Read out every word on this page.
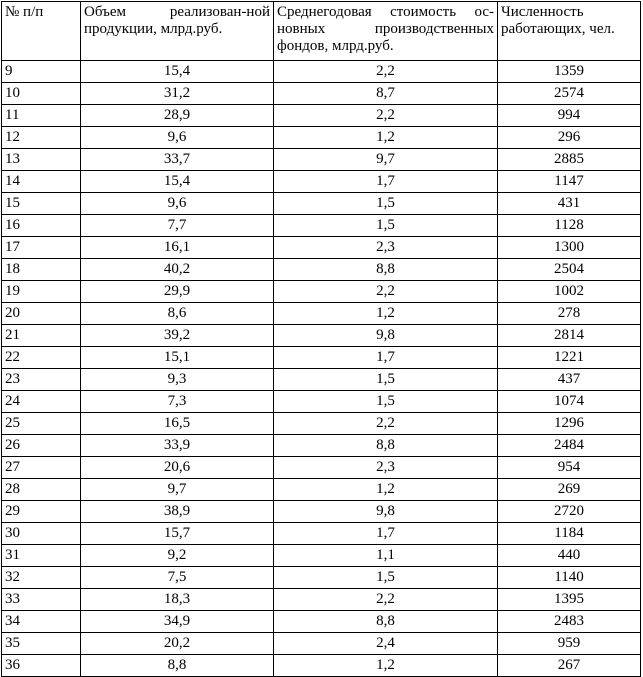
№ п/п	Объем реализован-ной продукции, млрд.руб.	Среднегодовая стоимость ос-новных производственных фондов, млрд.руб.	Численность работающих, чел.
9	15,4	2,2	1359
10	31,2	8,7	2574
11	28,9	2,2	994
12	9,6	1,2	296
13	33,7	9,7	2885
14	15,4	1,7	1147
15	9,6	1,5	431
16	7,7	1,5	1128
17	16,1	2,3	1300
18	40,2	8,8	2504
19	29,9	2,2	1002
20	8,6	1,2	278
21	39,2	9,8	2814
22	15,1	1,7	1221
23	9,3	1,5	437
24	7,3	1,5	1074
25	16,5	2,2	1296
26	33,9	8,8	2484
27	20,6	2,3	954
28	9,7	1,2	269
29	38,9	9,8	2720
30	15,7	1,7	1184
31	9,2	1,1	440
32	7,5	1,5	1140
33	18,3	2,2	1395
34	34,9	8,8	2483
35	20,2	2,4	959
36	8,8	1,2	267
